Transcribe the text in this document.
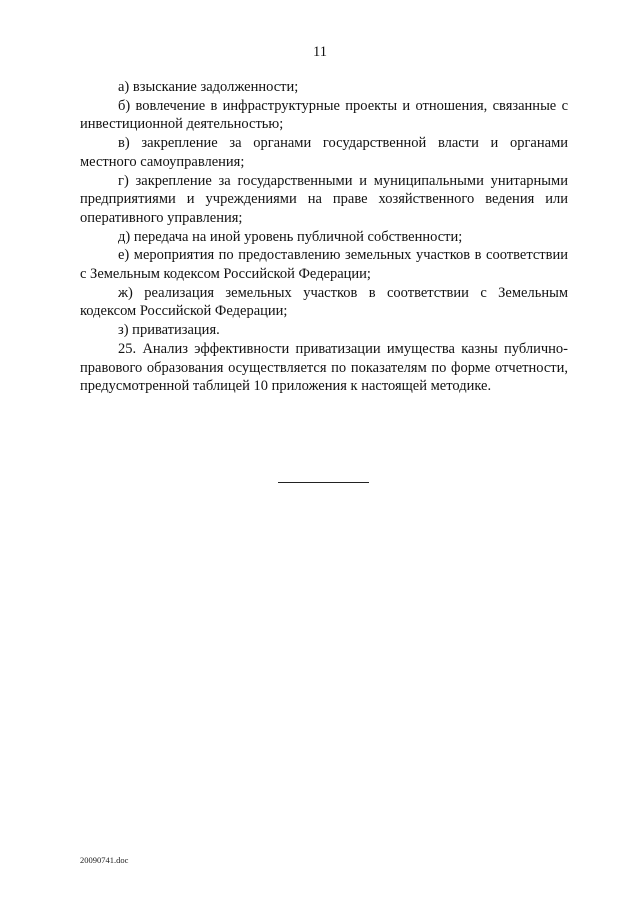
11

а) взыскание задолженности;

б) вовлечение в инфраструктурные проекты и отношения, связанные с инвестиционной деятельностью;

в) закрепление за органами государственной власти и органами местного самоуправления;

г) закрепление за государственными и муниципальными унитарными предприятиями и учреждениями на праве хозяйственного ведения или оперативного управления;

д) передача на иной уровень публичной собственности;

е) мероприятия по предоставлению земельных участков в соответствии с Земельным кодексом Российской Федерации;

ж) реализация земельных участков в соответствии с Земельным кодексом Российской Федерации;

з) приватизация.

25. Анализ эффективности приватизации имущества казны публично-правового образования осуществляется по показателям по форме отчетности, предусмотренной таблицей 10 приложения к настоящей методике.

20090741.doc
